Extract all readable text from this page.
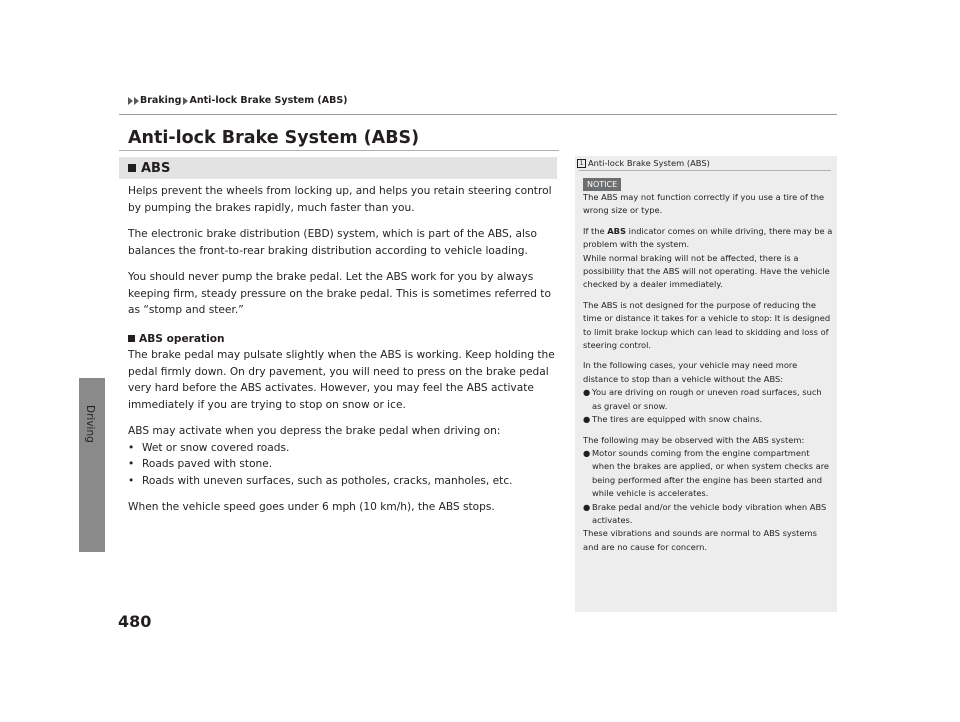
Driving
Braking Anti-lock Brake System (ABS)
Anti-lock Brake System (ABS)
ABS

Helps prevent the wheels from locking up, and helps you retain steering control by pumping the brakes rapidly, much faster than you.

The electronic brake distribution (EBD) system, which is part of the ABS, also balances the front-to-rear braking distribution according to vehicle loading.

You should never pump the brake pedal. Let the ABS work for you by always keeping firm, steady pressure on the brake pedal. This is sometimes referred to as “stomp and steer.”

ABS operation

The brake pedal may pulsate slightly when the ABS is working. Keep holding the pedal firmly down. On dry pavement, you will need to press on the brake pedal very hard before the ABS activates. However, you may feel the ABS activate immediately if you are trying to stop on snow or ice.

ABS may activate when you depress the brake pedal when driving on:

• Wet or snow covered roads.
• Roads paved with stone.
• Roads with uneven surfaces, such as potholes, cracks, manholes, etc.

When the vehicle speed goes under 6 mph (10 km/h), the ABS stops.

1 Anti-lock Brake System (ABS)
NOTICE

The ABS may not function correctly if you use a tire of the wrong size or type.

If the ABS indicator comes on while driving, there may be a problem with the system.

While normal braking will not be affected, there is a possibility that the ABS will not operating. Have the vehicle checked by a dealer immediately.

The ABS is not designed for the purpose of reducing the time or distance it takes for a vehicle to stop: It is designed to limit brake lockup which can lead to skidding and loss of steering control.

In the following cases, your vehicle may need more distance to stop than a vehicle without the ABS:

● You are driving on rough or uneven road surfaces, such as gravel or snow.
● The tires are equipped with snow chains.

The following may be observed with the ABS system:

● Motor sounds coming from the engine compartment when the brakes are applied, or when system checks are being performed after the engine has been started and while vehicle is accelerates.
● Brake pedal and/or the vehicle body vibration when ABS activates.

These vibrations and sounds are normal to ABS systems and are no cause for concern.

480
